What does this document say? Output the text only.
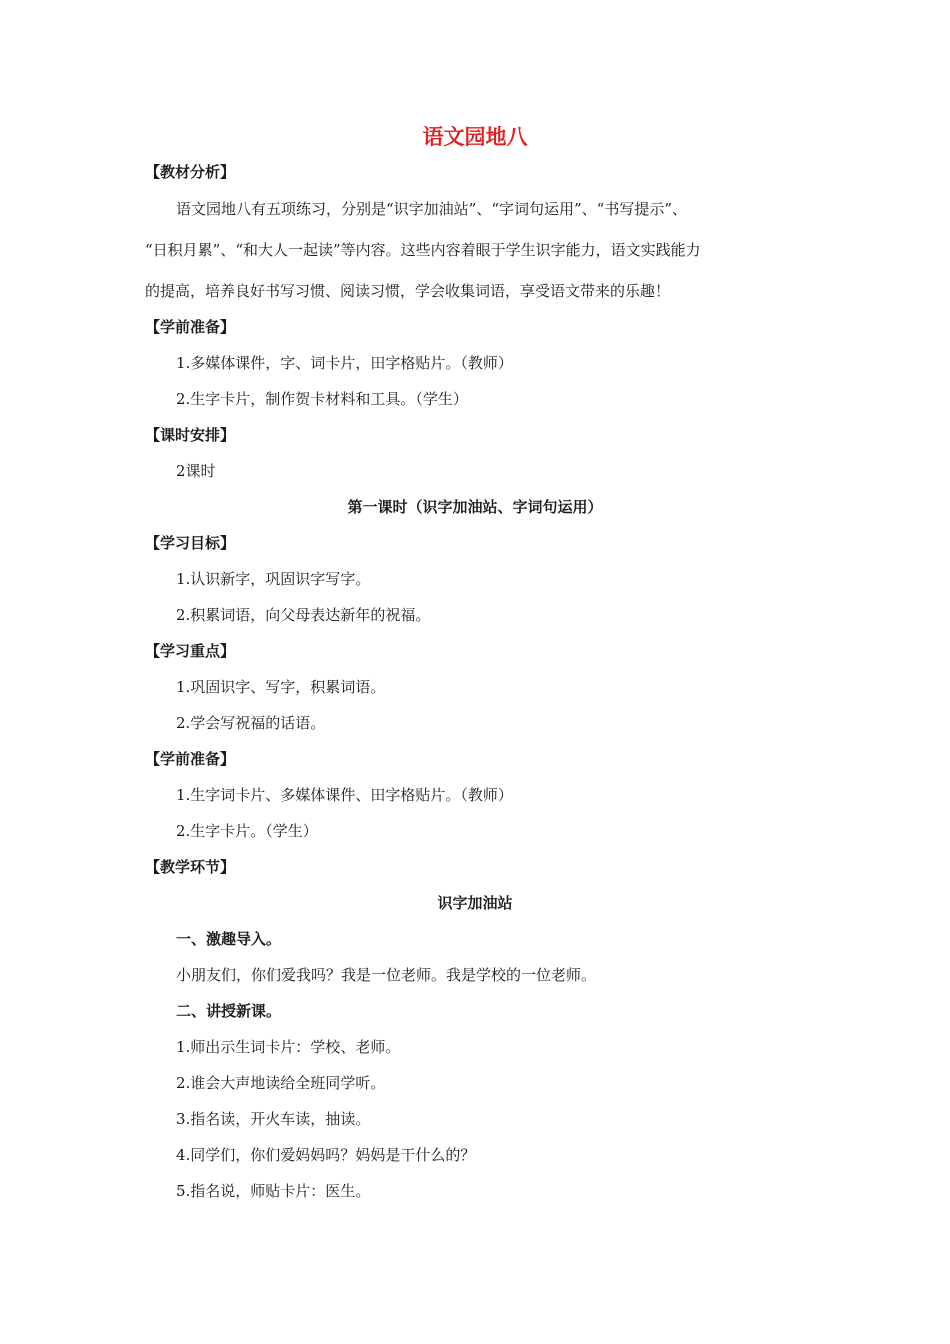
语文园地八
【教材分析】
语文园地八有五项练习，分别是“识字加油站”、“字词句运用”、“书写提示”、
“日积月累”、“和大人一起读”等内容。这些内容着眼于学生识字能力，语文实践能力
的提高，培养良好书写习惯、阅读习惯，学会收集词语，享受语文带来的乐趣！
【学前准备】
1.多媒体课件，字、词卡片，田字格贴片。（教师）
2.生字卡片，制作贺卡材料和工具。（学生）
【课时安排】
2课时
第一课时（识字加油站、字词句运用）
【学习目标】
1.认识新字，巩固识字写字。
2.积累词语，向父母表达新年的祝福。
【学习重点】
1.巩固识字、写字，积累词语。
2.学会写祝福的话语。
【学前准备】
1.生字词卡片、多媒体课件、田字格贴片。（教师）
2.生字卡片。（学生）
【教学环节】
识字加油站
一、激趣导入。
小朋友们，你们爱我吗？我是一位老师。我是学校的一位老师。
二、讲授新课。
1.师出示生词卡片：学校、老师。
2.谁会大声地读给全班同学听。
3.指名读，开火车读，抽读。
4.同学们，你们爱妈妈吗？妈妈是干什么的？
5.指名说，师贴卡片：医生。
